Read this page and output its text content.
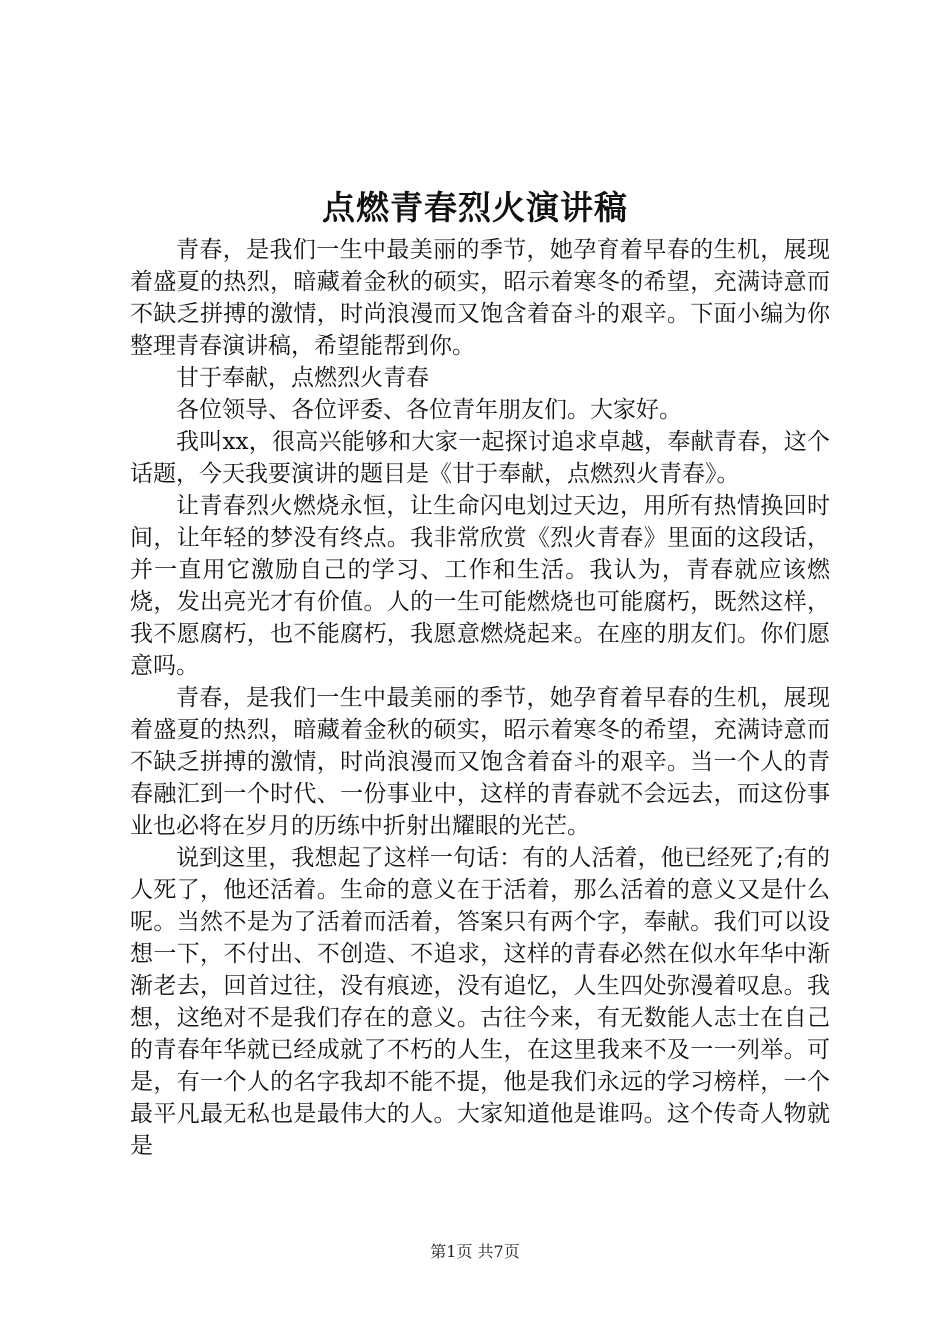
点燃青春烈火演讲稿

青春，是我们一生中最美丽的季节，她孕育着早春的生机，展现着盛夏的热烈，暗藏着金秋的硕实，昭示着寒冬的希望，充满诗意而不缺乏拼搏的激情，时尚浪漫而又饱含着奋斗的艰辛。下面小编为你整理青春演讲稿，希望能帮到你。

甘于奉献，点燃烈火青春

各位领导、各位评委、各位青年朋友们。大家好。

我叫xx，很高兴能够和大家一起探讨追求卓越，奉献青春，这个话题，今天我要演讲的题目是《甘于奉献，点燃烈火青春》。

让青春烈火燃烧永恒，让生命闪电划过天边，用所有热情换回时间，让年轻的梦没有终点。我非常欣赏《烈火青春》里面的这段话，并一直用它激励自己的学习、工作和生活。我认为，青春就应该燃烧，发出亮光才有价值。人的一生可能燃烧也可能腐朽，既然这样，我不愿腐朽，也不能腐朽，我愿意燃烧起来。在座的朋友们。你们愿意吗。

青春，是我们一生中最美丽的季节，她孕育着早春的生机，展现着盛夏的热烈，暗藏着金秋的硕实，昭示着寒冬的希望，充满诗意而不缺乏拼搏的激情，时尚浪漫而又饱含着奋斗的艰辛。当一个人的青春融汇到一个时代、一份事业中，这样的青春就不会远去，而这份事业也必将在岁月的历练中折射出耀眼的光芒。

说到这里，我想起了这样一句话：有的人活着，他已经死了;有的人死了，他还活着。生命的意义在于活着，那么活着的意义又是什么呢。当然不是为了活着而活着，答案只有两个字，奉献。我们可以设想一下，不付出、不创造、不追求，这样的青春必然在似水年华中渐渐老去，回首过往，没有痕迹，没有追忆，人生四处弥漫着叹息。我想，这绝对不是我们存在的意义。古往今来，有无数能人志士在自己的青春年华就已经成就了不朽的人生，在这里我来不及一一列举。可是，有一个人的名字我却不能不提，他是我们永远的学习榜样，一个最平凡最无私也是最伟大的人。大家知道他是谁吗。这个传奇人物就是

第1页 共7页
